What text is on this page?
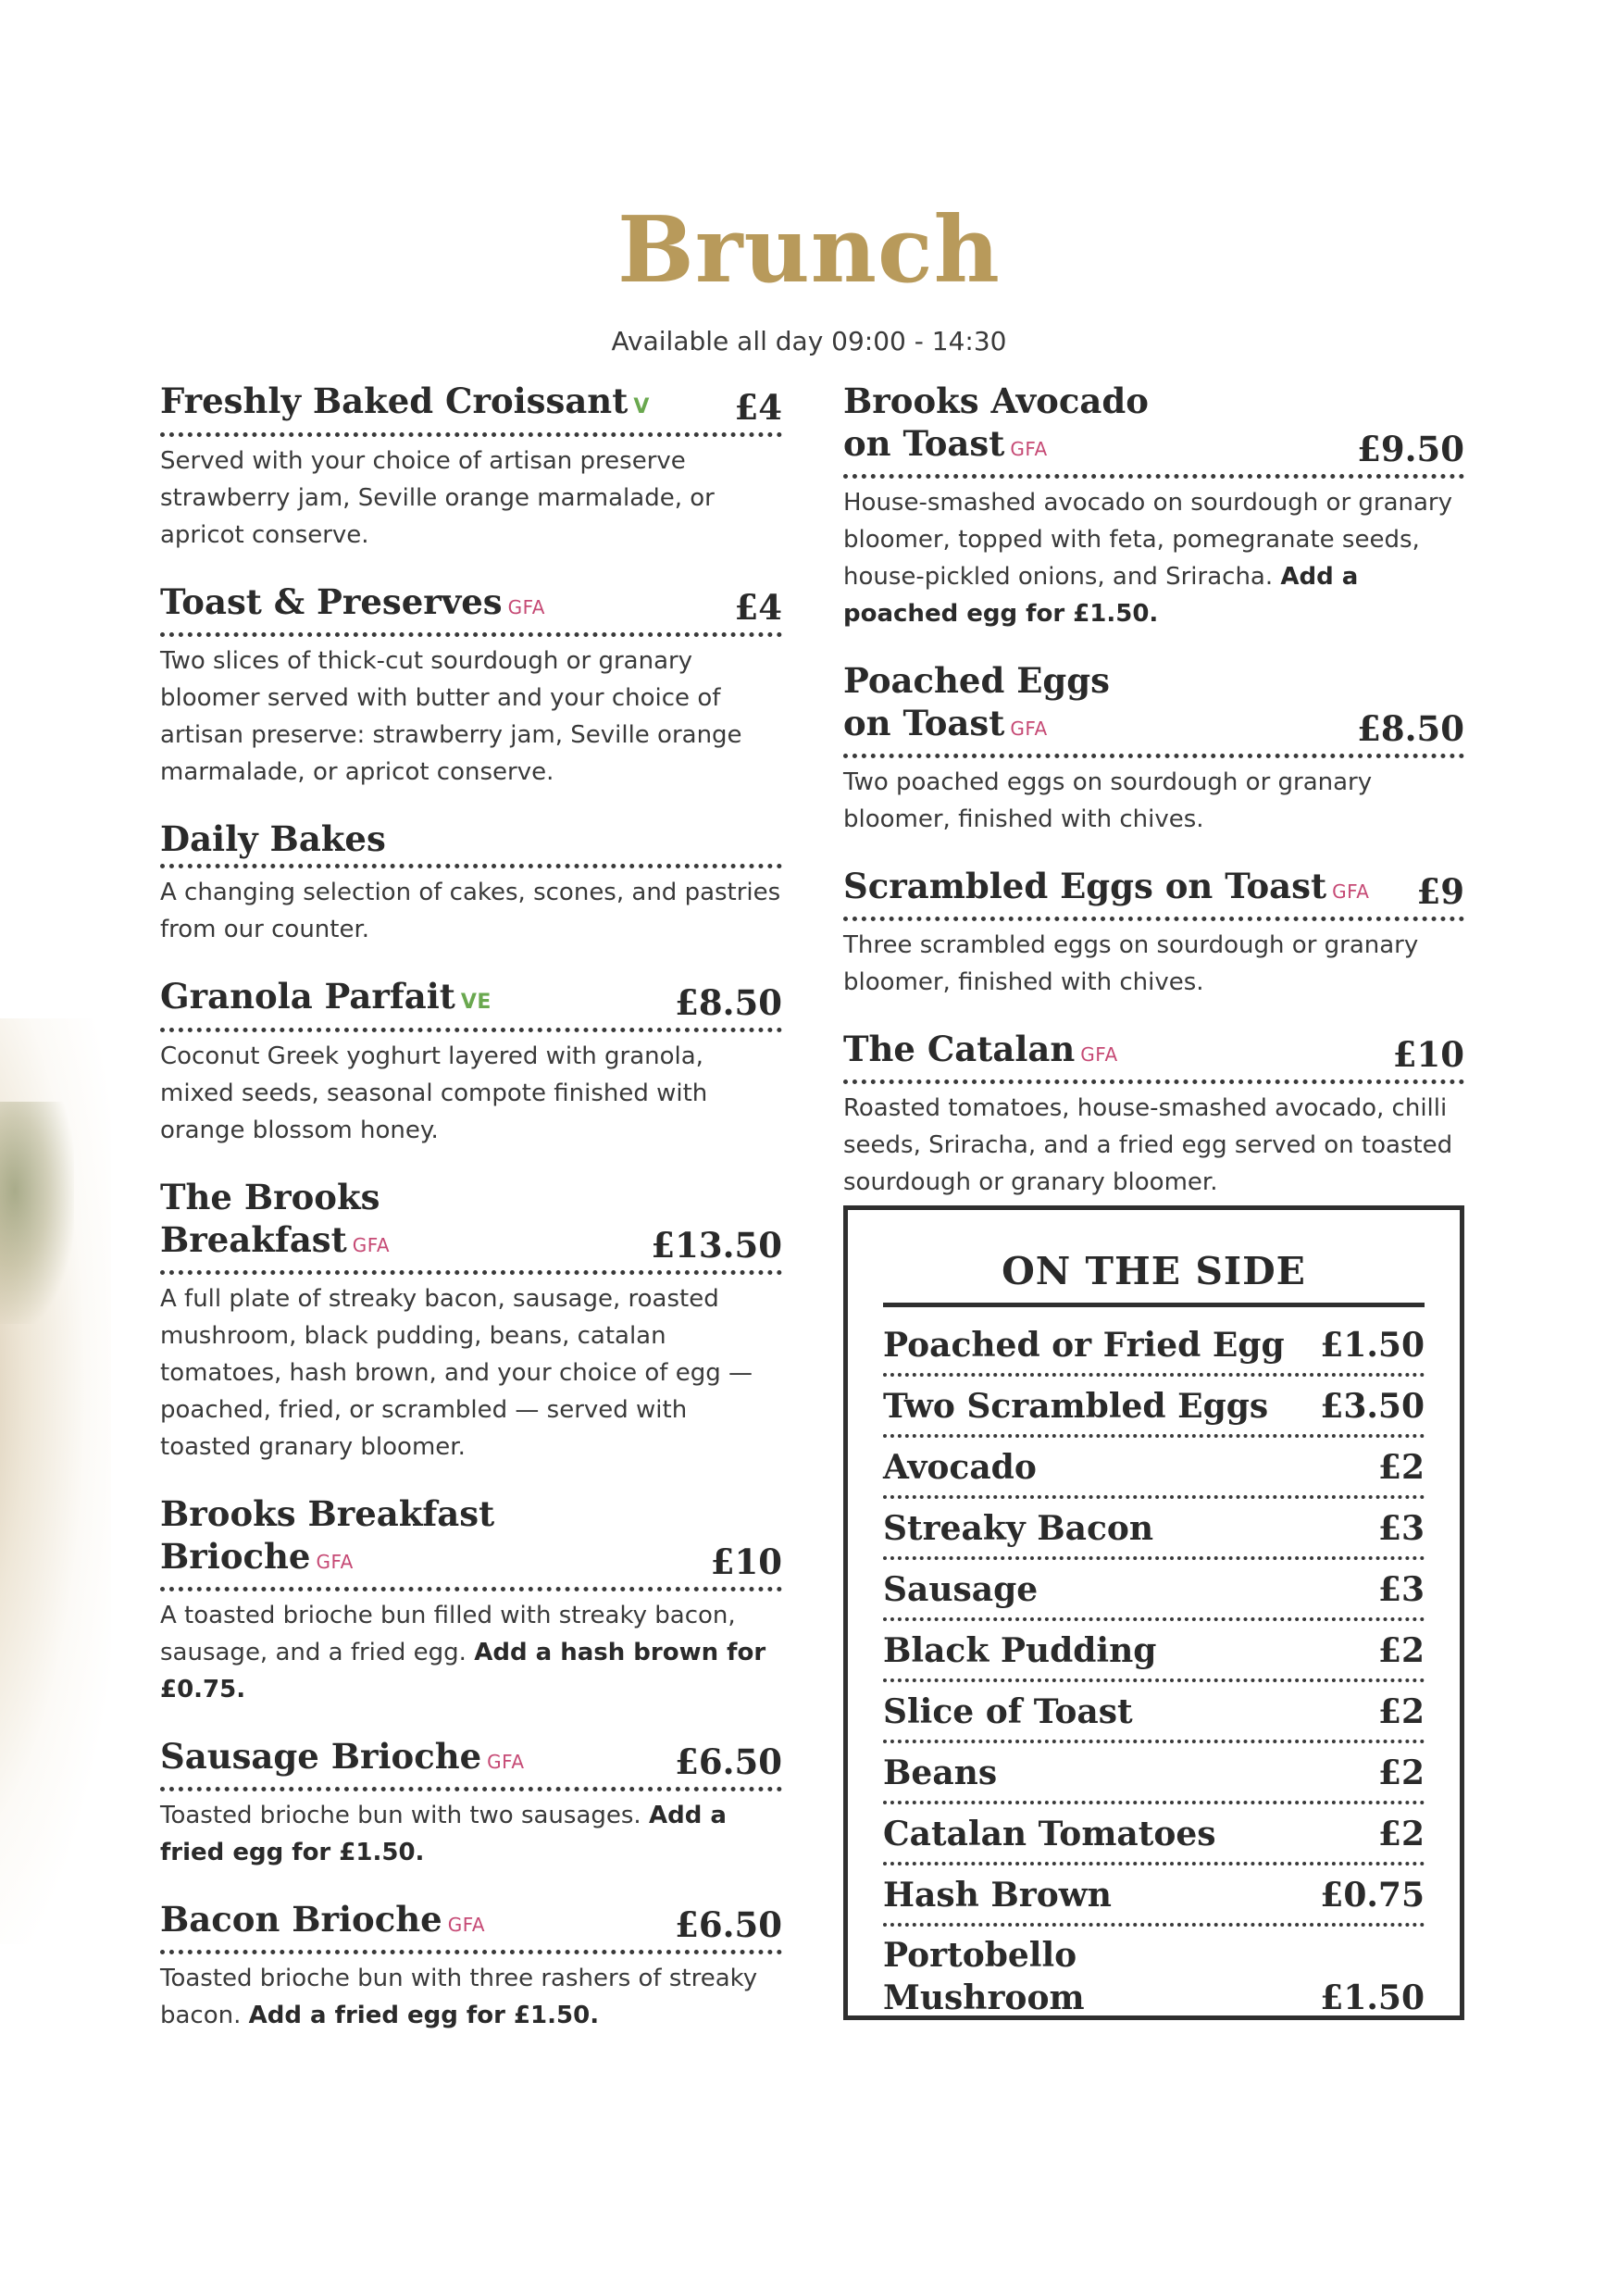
Brunch
Available all day 09:00 - 14:30
Freshly Baked Croissant V £4
Served with your choice of artisan preserve strawberry jam, Seville orange marmalade, or apricot conserve.
Toast & Preserves GFA	£4
Two slices of thick-cut sourdough or granary bloomer served with butter and your choice of artisan preserve: strawberry jam, Seville orange marmalade, or apricot conserve.
Daily Bakes
A changing selection of cakes, scones, and pastries from our counter.
Granola Parfait VE	£8.50
Coconut Greek yoghurt layered with granola, mixed seeds, seasonal compote finished with orange blossom honey.
The Brooks
Breakfast GFA	£13.50
A full plate of streaky bacon, sausage, roasted mushroom, black pudding, beans, catalan tomatoes, hash brown, and your choice of egg — poached, fried, or scrambled — served with toasted granary bloomer.
Brooks Breakfast
Brioche GFA	£10
A toasted brioche bun filled with streaky bacon, sausage, and a fried egg. Add a hash brown for £0.75.
Sausage Brioche GFA	£6.50
Toasted brioche bun with two sausages. Add a fried egg for £1.50.
Bacon Brioche GFA	£6.50
Toasted brioche bun with three rashers of streaky bacon. Add a fried egg for £1.50.
Brooks Avocado
on Toast GFA	£9.50
House-smashed avocado on sourdough or granary bloomer, topped with feta, pomegranate seeds, house-pickled onions, and Sriracha. Add a poached egg for £1.50.
Poached Eggs
on Toast GFA	£8.50
Two poached eggs on sourdough or granary bloomer, finished with chives.
Scrambled Eggs on Toast GFA £9
Three scrambled eggs on sourdough or granary bloomer, finished with chives.
The Catalan GFA	£10
Roasted tomatoes, house-smashed avocado, chilli seeds, Sriracha, and a fried egg served on toasted sourdough or granary bloomer.
ON THE SIDE
Poached or Fried Egg £1.50
Two Scrambled Eggs £3.50
Avocado	£2
Streaky Bacon	£3
Sausage	£3
Black Pudding	£2
Slice of Toast	£2
Beans	£2
Catalan Tomatoes	£2
Hash Brown	£0.75
Portobello Mushroom	£1.50
